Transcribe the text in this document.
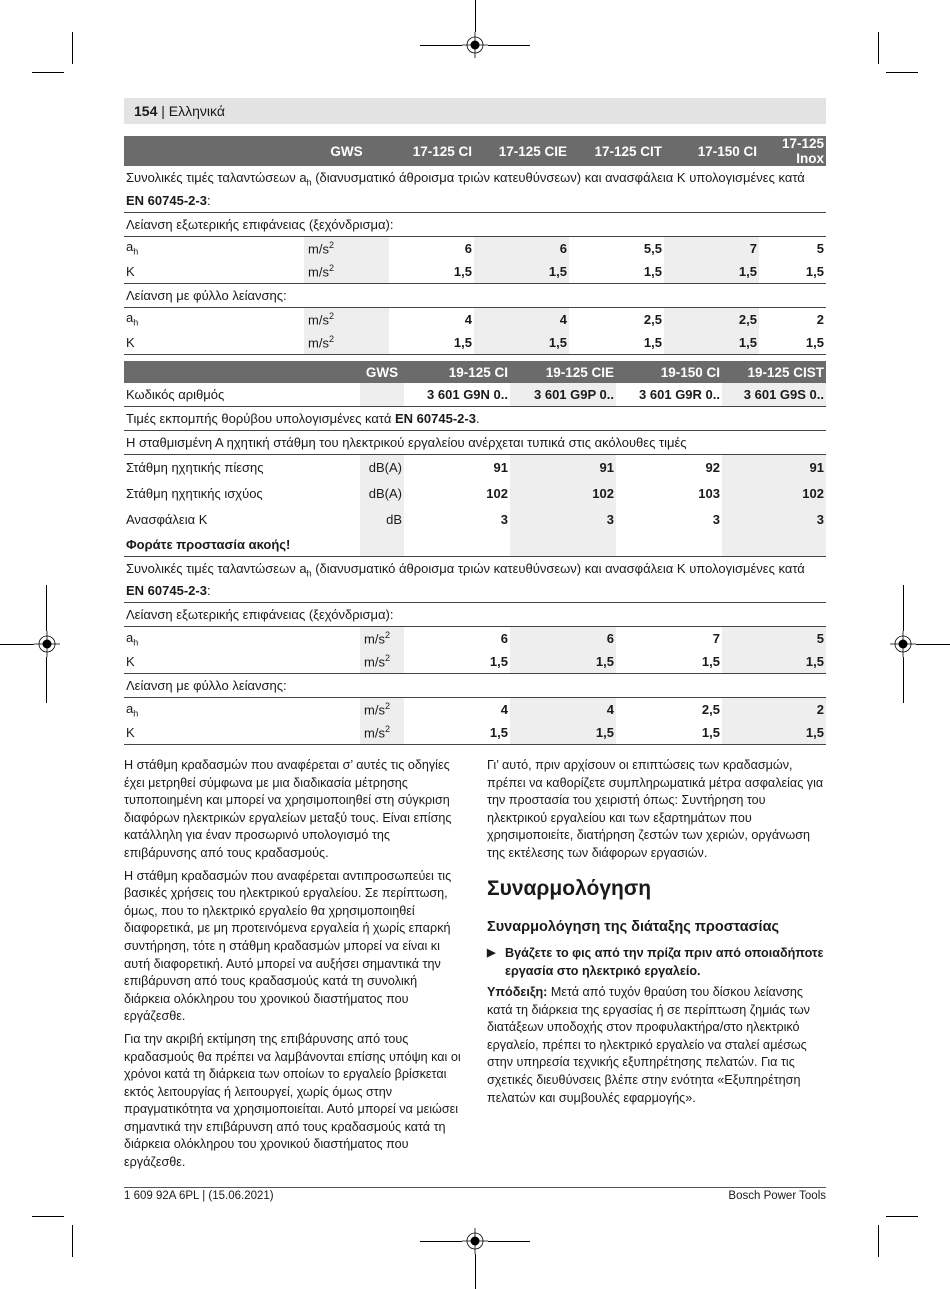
154 | Ελληνικά
	GWS	17-125 CI	17-125 CIE	17-125 CIT	17-150 CI	17-125 Inox
Συνολικές τιμές ταλαντώσεων $a_h$ (διανυσματικό άθροισμα τριών κατευθύνσεων) και ανασφάλεια Κ υπολογισμένες κατά EN 60745-2-3:						
Λείανση εξωτερικής επιφάνειας (ξεχόνδρισμα):						
$a_h$	$m/s^2$	6	6	5,5	7	5
K	$m/s^2$	1,5	1,5	1,5	1,5	1,5
Λείανση με φύλλο λείανσης:						
$a_h$	$m/s^2$	4	4	2,5	2,5	2
K	$m/s^2$	1,5	1,5	1,5	1,5	1,5
	GWS	19-125 CI	19-125 CIE	19-150 CI	19-125 CIST
Κωδικός αριθμός		3 601 G9N 0..	3 601 G9P 0..	3 601 G9R 0..	3 601 G9S 0..
Τιμές εκπομπής θορύβου υπολογισμένες κατά EN 60745-2-3.					
Η σταθμισμένη Α ηχητική στάθμη του ηλεκτρικού εργαλείου ανέρχεται τυπικά στις ακόλουθες τιμές					
Στάθμη ηχητικής πίεσης	dB(A)	91	91	92	91
Στάθμη ηχητικής ισχύος	dB(A)	102	102	103	102
Ανασφάλεια K	dB	3	3	3	3
Φοράτε προστασία ακοής!					
Συνολικές τιμές ταλαντώσεων $a_h$ (διανυσματικό άθροισμα τριών κατευθύνσεων) και ανασφάλεια Κ υπολογισμένες κατά EN 60745-2-3:					
Λείανση εξωτερικής επιφάνειας (ξεχόνδρισμα):					
$a_h$	$m/s^2$	6	6	7	5
K	$m/s^2$	1,5	1,5	1,5	1,5
Λείανση με φύλλο λείανσης:					
$a_h$	$m/s^2$	4	4	2,5	2
K	$m/s^2$	1,5	1,5	1,5	1,5

Η στάθμη κραδασμών που αναφέρεται σ’ αυτές τις οδηγίες έχει μετρηθεί σύμφωνα με μια διαδικασία μέτρησης τυποποιημένη και μπορεί να χρησιμοποιηθεί στη σύγκριση διαφόρων ηλεκτρικών εργαλείων μεταξύ τους. Είναι επίσης κατάλληλη για έναν προσωρινό υπολογισμό της επιβάρυνσης από τους κραδασμούς.

Η στάθμη κραδασμών που αναφέρεται αντιπροσωπεύει τις βασικές χρήσεις του ηλεκτρικού εργαλείου. Σε περίπτωση, όμως, που το ηλεκτρικό εργαλείο θα χρησιμοποιηθεί διαφορετικά, με μη προτεινόμενα εργαλεία ή χωρίς επαρκή συντήρηση, τότε η στάθμη κραδασμών μπορεί να είναι κι αυτή διαφορετική. Αυτό μπορεί να αυξήσει σημαντικά την επιβάρυνση από τους κραδασμούς κατά τη συνολική διάρκεια ολόκληρου του χρονικού διαστήματος που εργάζεσθε.

Για την ακριβή εκτίμηση της επιβάρυνσης από τους κραδασμούς θα πρέπει να λαμβάνονται επίσης υπόψη και οι χρόνοι κατά τη διάρκεια των οποίων το εργαλείο βρίσκεται εκτός λειτουργίας ή λειτουργεί, χωρίς όμως στην πραγματικότητα να χρησιμοποιείται. Αυτό μπορεί να μειώσει σημαντικά την επιβάρυνση από τους κραδασμούς κατά τη διάρκεια ολόκληρου του χρονικού διαστήματος που εργάζεσθε.

Γι’ αυτό, πριν αρχίσουν οι επιπτώσεις των κραδασμών, πρέπει να καθορίζετε συμπληρωματικά μέτρα ασφαλείας για την προστασία του χειριστή όπως: Συντήρηση του ηλεκτρικού εργαλείου και των εξαρτημάτων που χρησιμοποιείτε, διατήρηση ζεστών των χεριών, οργάνωση της εκτέλεσης των διάφορων εργασιών.

Συναρμολόγηση
Συναρμολόγηση της διάταξης προστασίας
▶ Βγάζετε το φις από την πρίζα πριν από οποιαδήποτε εργασία στο ηλεκτρικό εργαλείο.
Υπόδειξη: Μετά από τυχόν θραύση του δίσκου λείανσης κατά τη διάρκεια της εργασίας ή σε περίπτωση ζημιάς των διατάξεων υποδοχής στον προφυλακτήρα/στο ηλεκτρικό εργαλείο, πρέπει το ηλεκτρικό εργαλείο να σταλεί αμέσως στην υπηρεσία τεχνικής εξυπηρέτησης πελατών. Για τις σχετικές διευθύνσεις βλέπε στην ενότητα «Εξυπηρέτηση πελατών και συμβουλές εφαρμογής».
1 609 92A 6PL | (15.06.2021)	Bosch Power Tools
